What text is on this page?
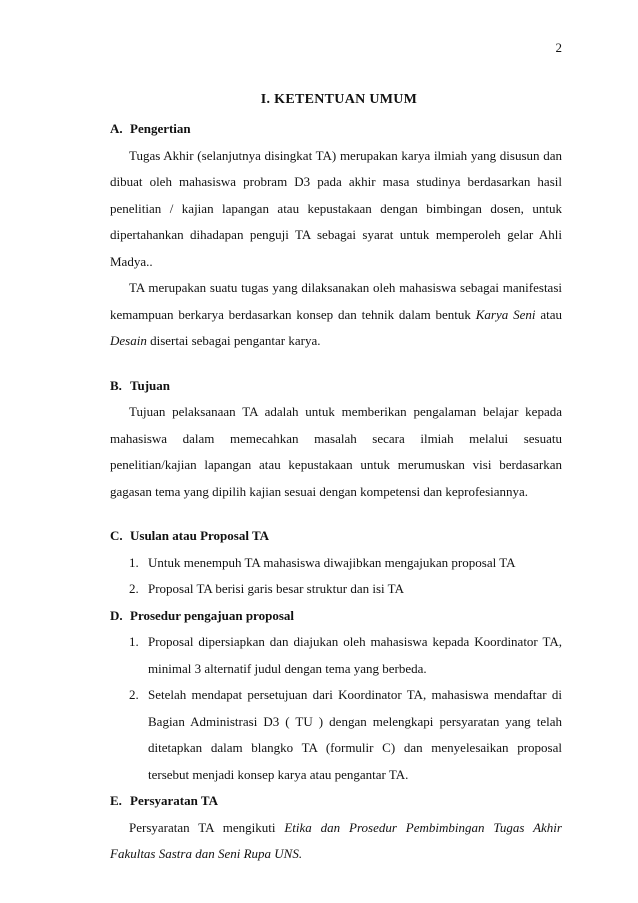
2
I. KETENTUAN UMUM
A. Pengertian

Tugas Akhir (selanjutnya disingkat TA) merupakan karya ilmiah yang disusun dan dibuat oleh mahasiswa probram D3 pada akhir masa studinya berdasarkan hasil penelitian / kajian lapangan atau kepustakaan dengan bimbingan dosen, untuk dipertahankan dihadapan penguji TA sebagai syarat untuk memperoleh gelar Ahli Madya..

TA merupakan suatu tugas yang dilaksanakan oleh mahasiswa sebagai manifestasi kemampuan berkarya berdasarkan konsep dan tehnik dalam bentuk Karya Seni atau Desain disertai sebagai pengantar karya.

B. Tujuan

Tujuan pelaksanaan TA adalah untuk memberikan pengalaman belajar kepada mahasiswa dalam memecahkan masalah secara ilmiah melalui sesuatu penelitian/kajian lapangan atau kepustakaan untuk merumuskan visi berdasarkan gagasan tema yang dipilih kajian sesuai dengan kompetensi dan keprofesiannya.

C. Usulan atau Proposal TA
1. Untuk menempuh TA mahasiswa diwajibkan mengajukan proposal TA
2. Proposal TA berisi garis besar struktur dan isi TA
D. Prosedur pengajuan proposal
1. Proposal dipersiapkan dan diajukan oleh mahasiswa kepada Koordinator TA, minimal 3 alternatif judul dengan tema yang berbeda.
2. Setelah mendapat persetujuan dari Koordinator TA, mahasiswa mendaftar di Bagian Administrasi D3 ( TU ) dengan melengkapi persyaratan yang telah ditetapkan dalam blangko TA (formulir C) dan menyelesaikan proposal tersebut menjadi konsep karya atau pengantar TA.
E. Persyaratan TA

Persyaratan TA mengikuti Etika dan Prosedur Pembimbingan Tugas Akhir Fakultas Sastra dan Seni Rupa UNS.
